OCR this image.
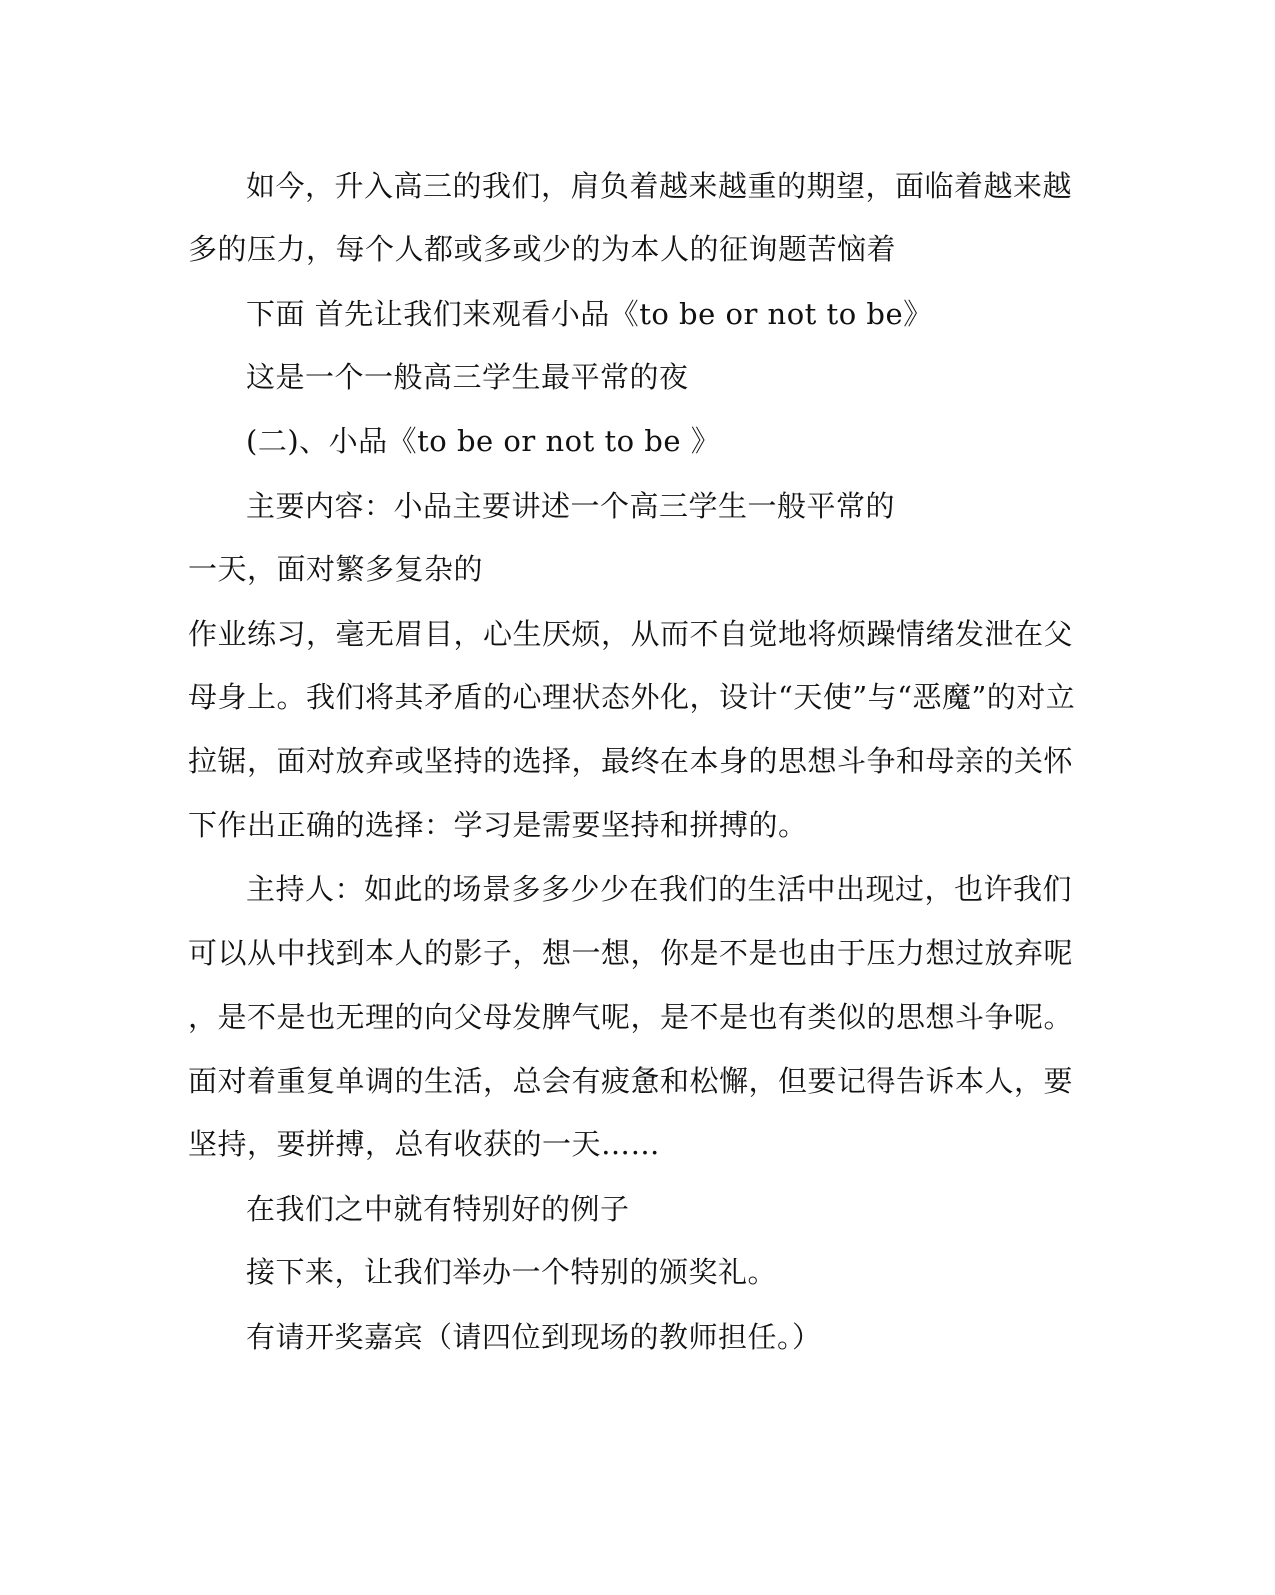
如今，升入高三的我们，肩负着越来越重的期望，面临着越来越
多的压力，每个人都或多或少的为本人的征询题苦恼着
下面 首先让我们来观看小品《to be or not to be》
这是一个一般高三学生最平常的夜
(二)、小品《to be or not to be 》
主要内容：小品主要讲述一个高三学生一般平常的
一天，面对繁多复杂的
作业练习，毫无眉目，心生厌烦，从而不自觉地将烦躁情绪发泄在父
母身上。我们将其矛盾的心理状态外化，设计“天使”与“恶魔”的对立
拉锯，面对放弃或坚持的选择，最终在本身的思想斗争和母亲的关怀
下作出正确的选择：学习是需要坚持和拼搏的。
主持人：如此的场景多多少少在我们的生活中出现过，也许我们
可以从中找到本人的影子，想一想，你是不是也由于压力想过放弃呢
，是不是也无理的向父母发脾气呢，是不是也有类似的思想斗争呢。
面对着重复单调的生活，总会有疲惫和松懈，但要记得告诉本人，要
坚持，要拼搏，总有收获的一天……
在我们之中就有特别好的例子
接下来，让我们举办一个特别的颁奖礼。
有请开奖嘉宾（请四位到现场的教师担任。）
